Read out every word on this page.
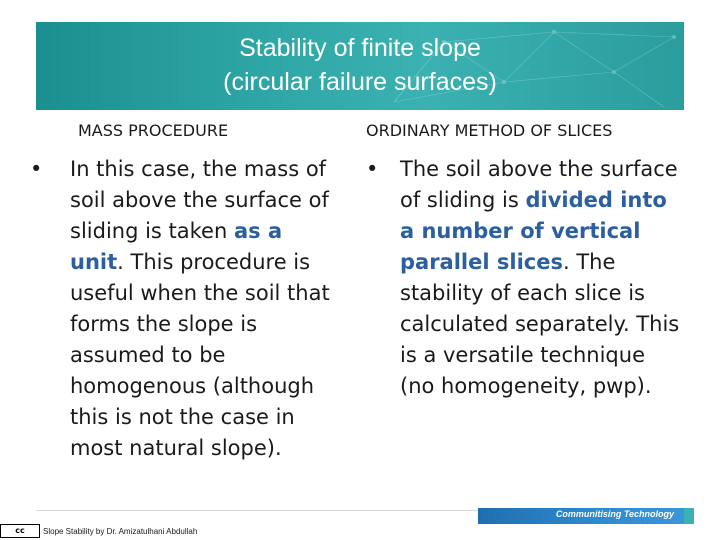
Stability of finite slope
(circular failure surfaces)
MASS PROCEDURE	ORDINARY METHOD OF SLICES
•	In this case, the mass of soil above the surface of sliding is taken as a unit. This procedure is useful when the soil that forms the slope is assumed to be homogenous (although this is not the case in most natural slope).
•	The soil above the surface of sliding is divided into a number of vertical parallel slices. The stability of each slice is calculated separately. This is a versatile technique (no homogeneity, pwp).
Communitising Technology
cc	Slope Stability by Dr. Amizatulhani Abdullah
